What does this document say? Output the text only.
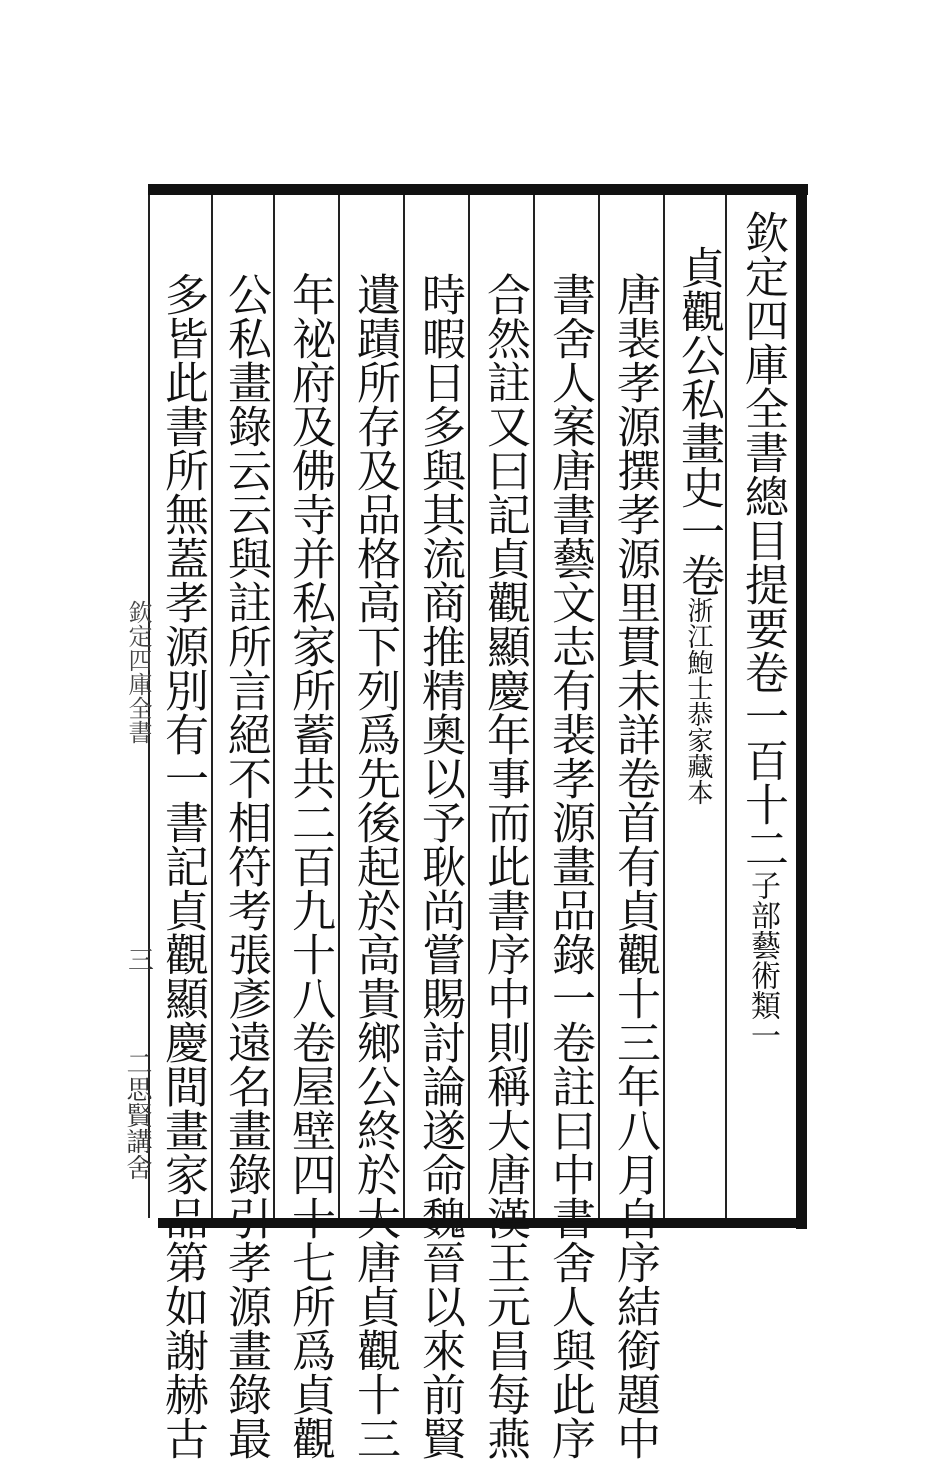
欽定四庫全書總目提要卷一百十二子部藝術類一
貞觀公私畫史一卷浙江鮑士恭家藏本
唐裴孝源撰孝源里貫未詳卷首有貞觀十三年八月自序結銜題中
書舍人案唐書藝文志有裴孝源畫品錄一卷註曰中書舍人與此序
合然註又曰記貞觀顯慶年事而此書序中則稱大唐漢王元昌每燕
時暇日多與其流商推精奧以予耿尚嘗賜討論遂命魏晉以來前賢
遺蹟所存及品格高下列爲先後起於高貴鄉公終於大唐貞觀十三
年祕府及佛寺并私家所蓄共二百九十八卷屋壁四十七所爲貞觀
公私畫錄云云與註所言絕不相符考張彥遠名畫錄引孝源畫錄最
多皆此書所無蓋孝源別有一書記貞觀顯慶間畫家品第如謝赫古
欽定四庫全書
三
二思賢講舍
